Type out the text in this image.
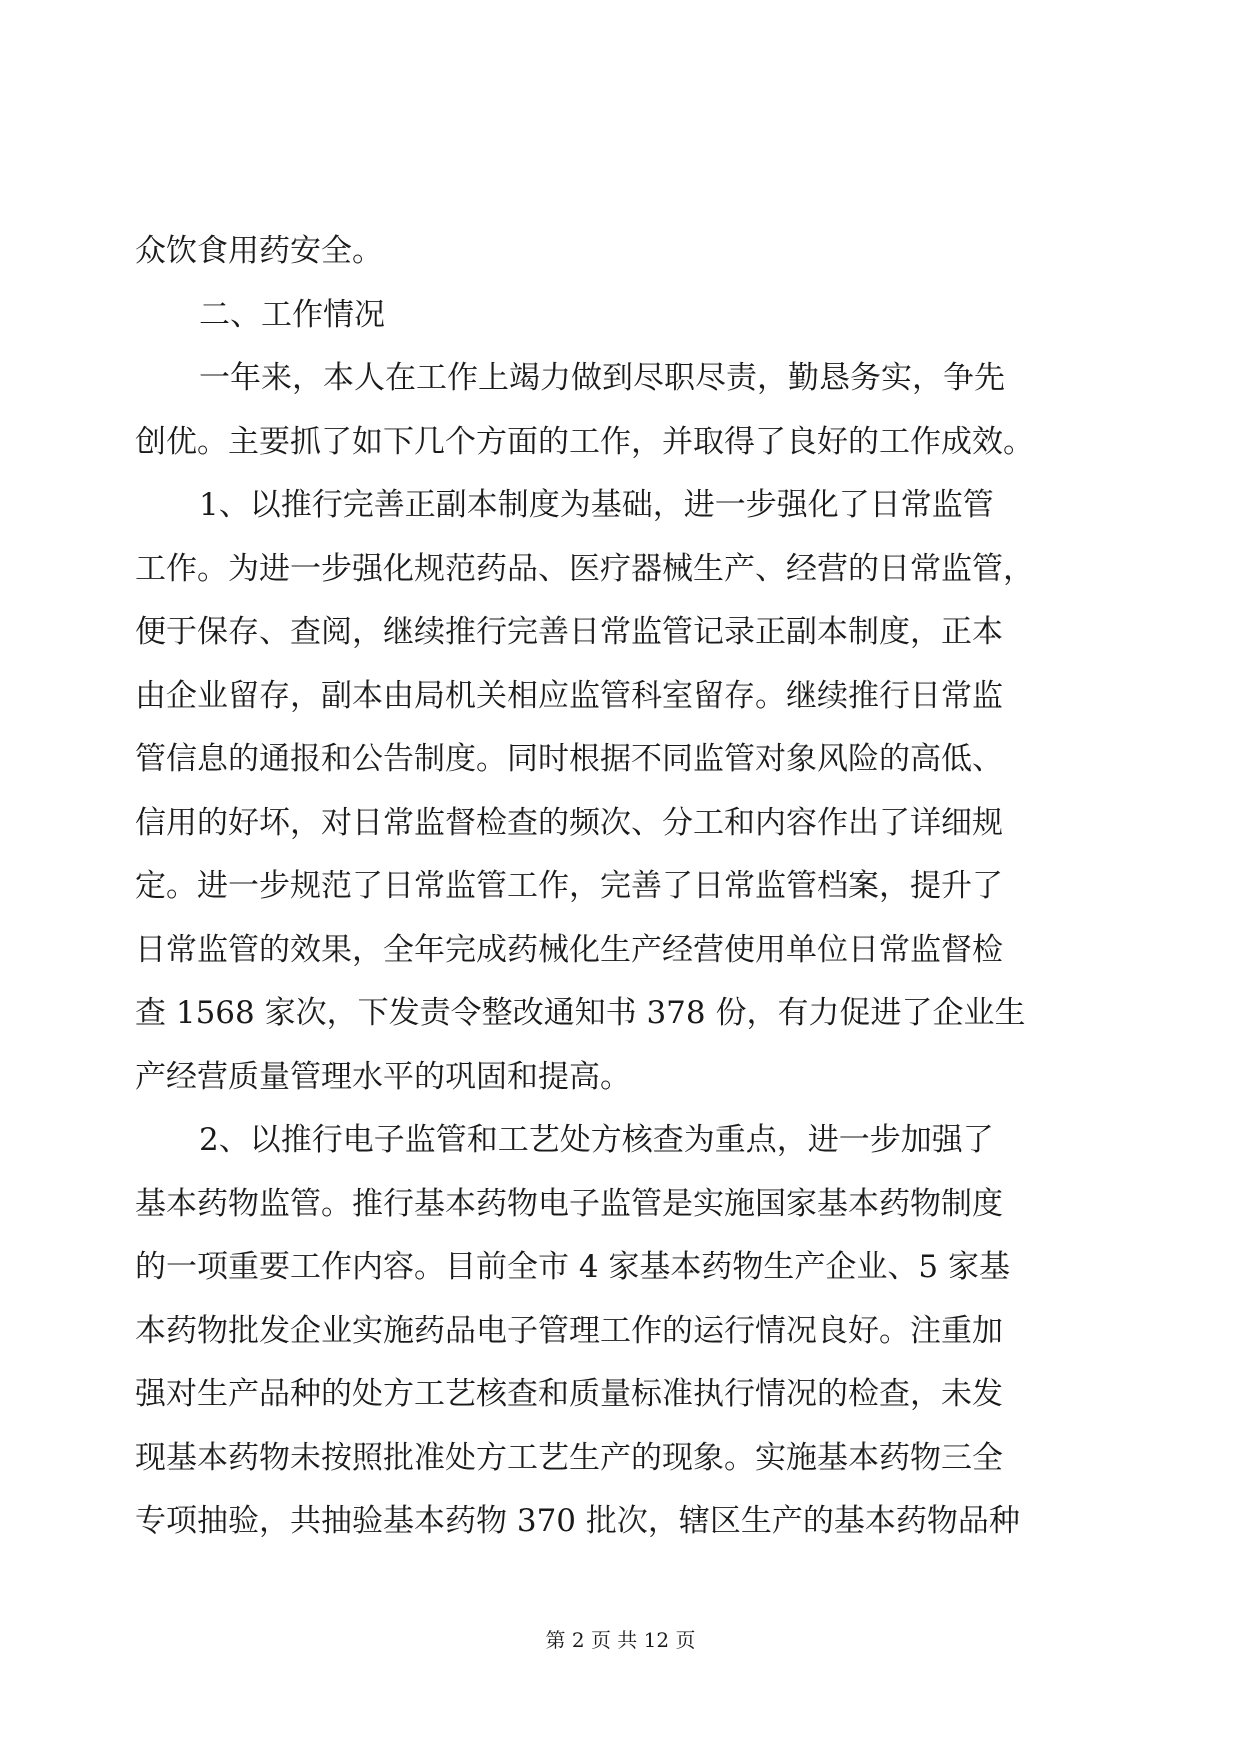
众饮食用药安全。
二、工作情况
一年来，本人在工作上竭力做到尽职尽责，勤恳务实，争先
创优。主要抓了如下几个方面的工作，并取得了良好的工作成效。
1、以推行完善正副本制度为基础，进一步强化了日常监管
工作。为进一步强化规范药品、医疗器械生产、经营的日常监管，
便于保存、查阅，继续推行完善日常监管记录正副本制度，正本
由企业留存，副本由局机关相应监管科室留存。继续推行日常监
管信息的通报和公告制度。同时根据不同监管对象风险的高低、
信用的好坏，对日常监督检查的频次、分工和内容作出了详细规
定。进一步规范了日常监管工作，完善了日常监管档案，提升了
日常监管的效果，全年完成药械化生产经营使用单位日常监督检
查 1568 家次，下发责令整改通知书 378 份，有力促进了企业生
产经营质量管理水平的巩固和提高。
2、以推行电子监管和工艺处方核查为重点，进一步加强了
基本药物监管。推行基本药物电子监管是实施国家基本药物制度
的一项重要工作内容。目前全市 4 家基本药物生产企业、5 家基
本药物批发企业实施药品电子管理工作的运行情况良好。注重加
强对生产品种的处方工艺核查和质量标准执行情况的检查，未发
现基本药物未按照批准处方工艺生产的现象。实施基本药物三全
专项抽验，共抽验基本药物 370 批次，辖区生产的基本药物品种
第 2 页 共 12 页
